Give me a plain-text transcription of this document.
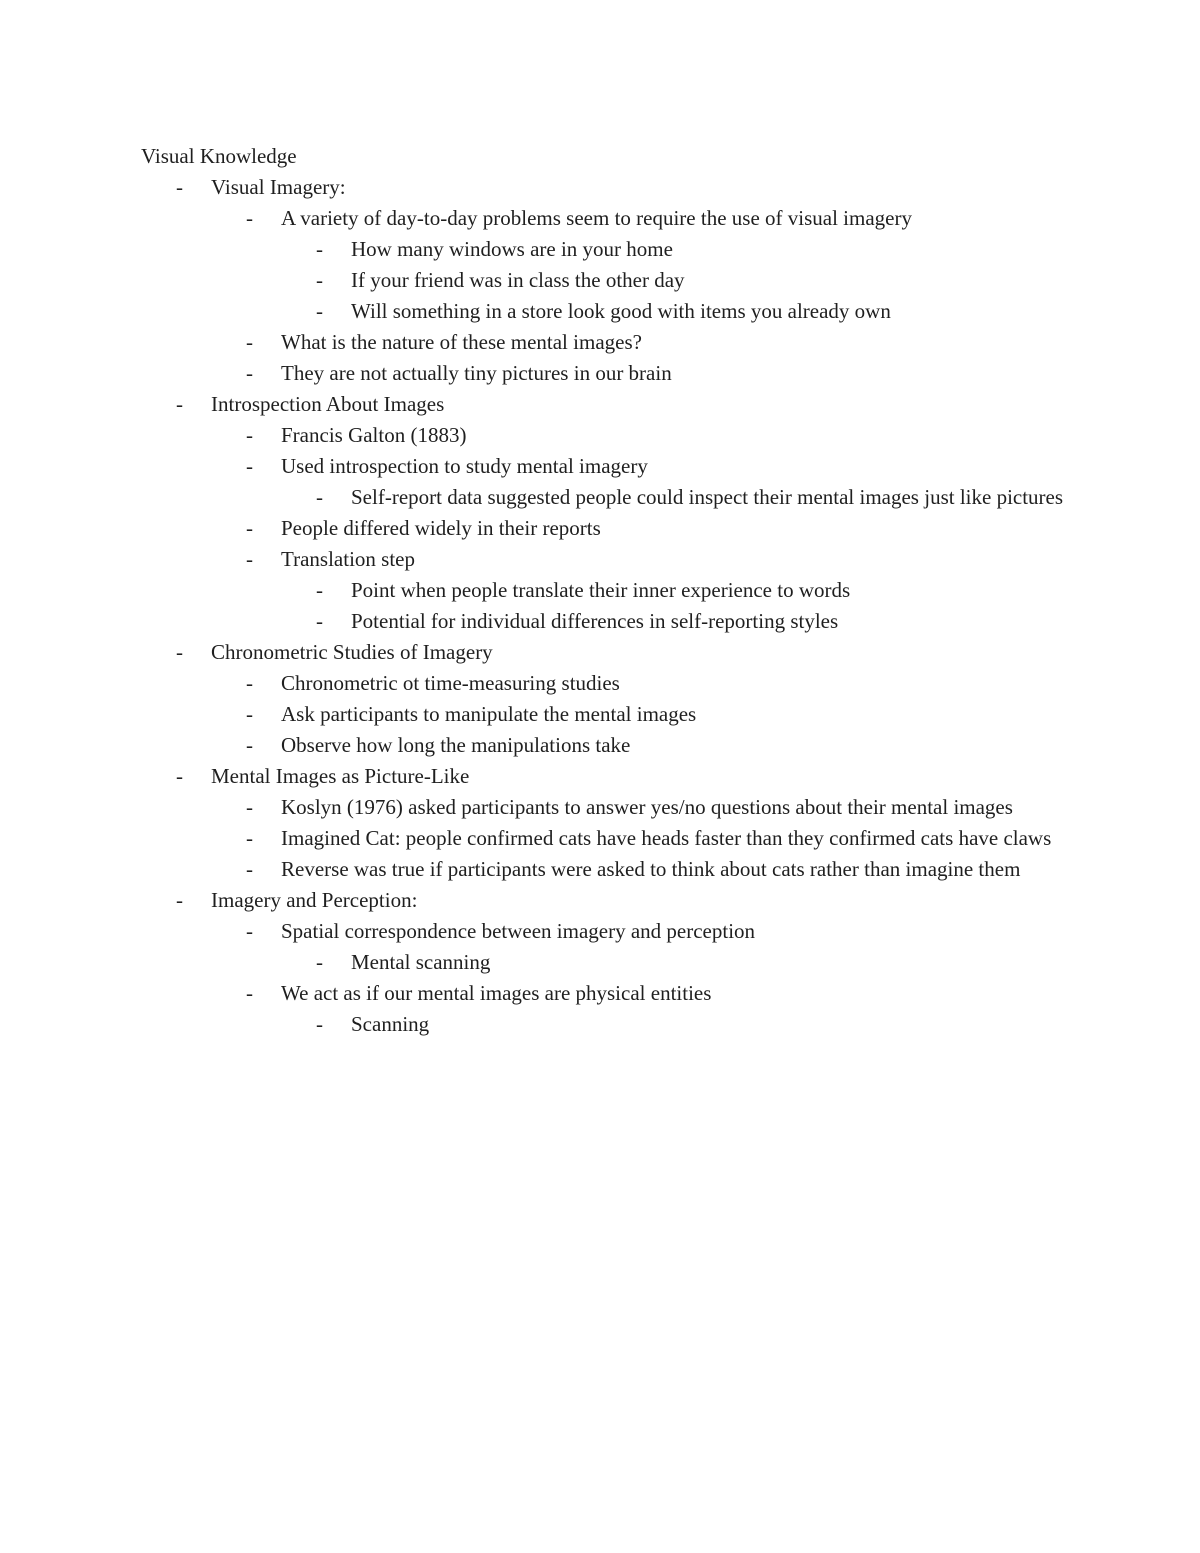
Visual Knowledge
- Visual Imagery:
- A variety of day-to-day problems seem to require the use of visual imagery
- How many windows are in your home
- If your friend was in class the other day
- Will something in a store look good with items you already own
- What is the nature of these mental images?
- They are not actually tiny pictures in our brain
- Introspection About Images
- Francis Galton (1883)
- Used introspection to study mental imagery
- Self-report data suggested people could inspect their mental images just like pictures
- People differed widely in their reports
- Translation step
- Point when people translate their inner experience to words
- Potential for individual differences in self-reporting styles
- Chronometric Studies of Imagery
- Chronometric ot time-measuring studies
- Ask participants to manipulate the mental images
- Observe how long the manipulations take
- Mental Images as Picture-Like
- Koslyn (1976) asked participants to answer yes/no questions about their mental images
- Imagined Cat: people confirmed cats have heads faster than they confirmed cats have claws
- Reverse was true if participants were asked to think about cats rather than imagine them
- Imagery and Perception:
- Spatial correspondence between imagery and perception
- Mental scanning
- We act as if our mental images are physical entities
- Scanning
